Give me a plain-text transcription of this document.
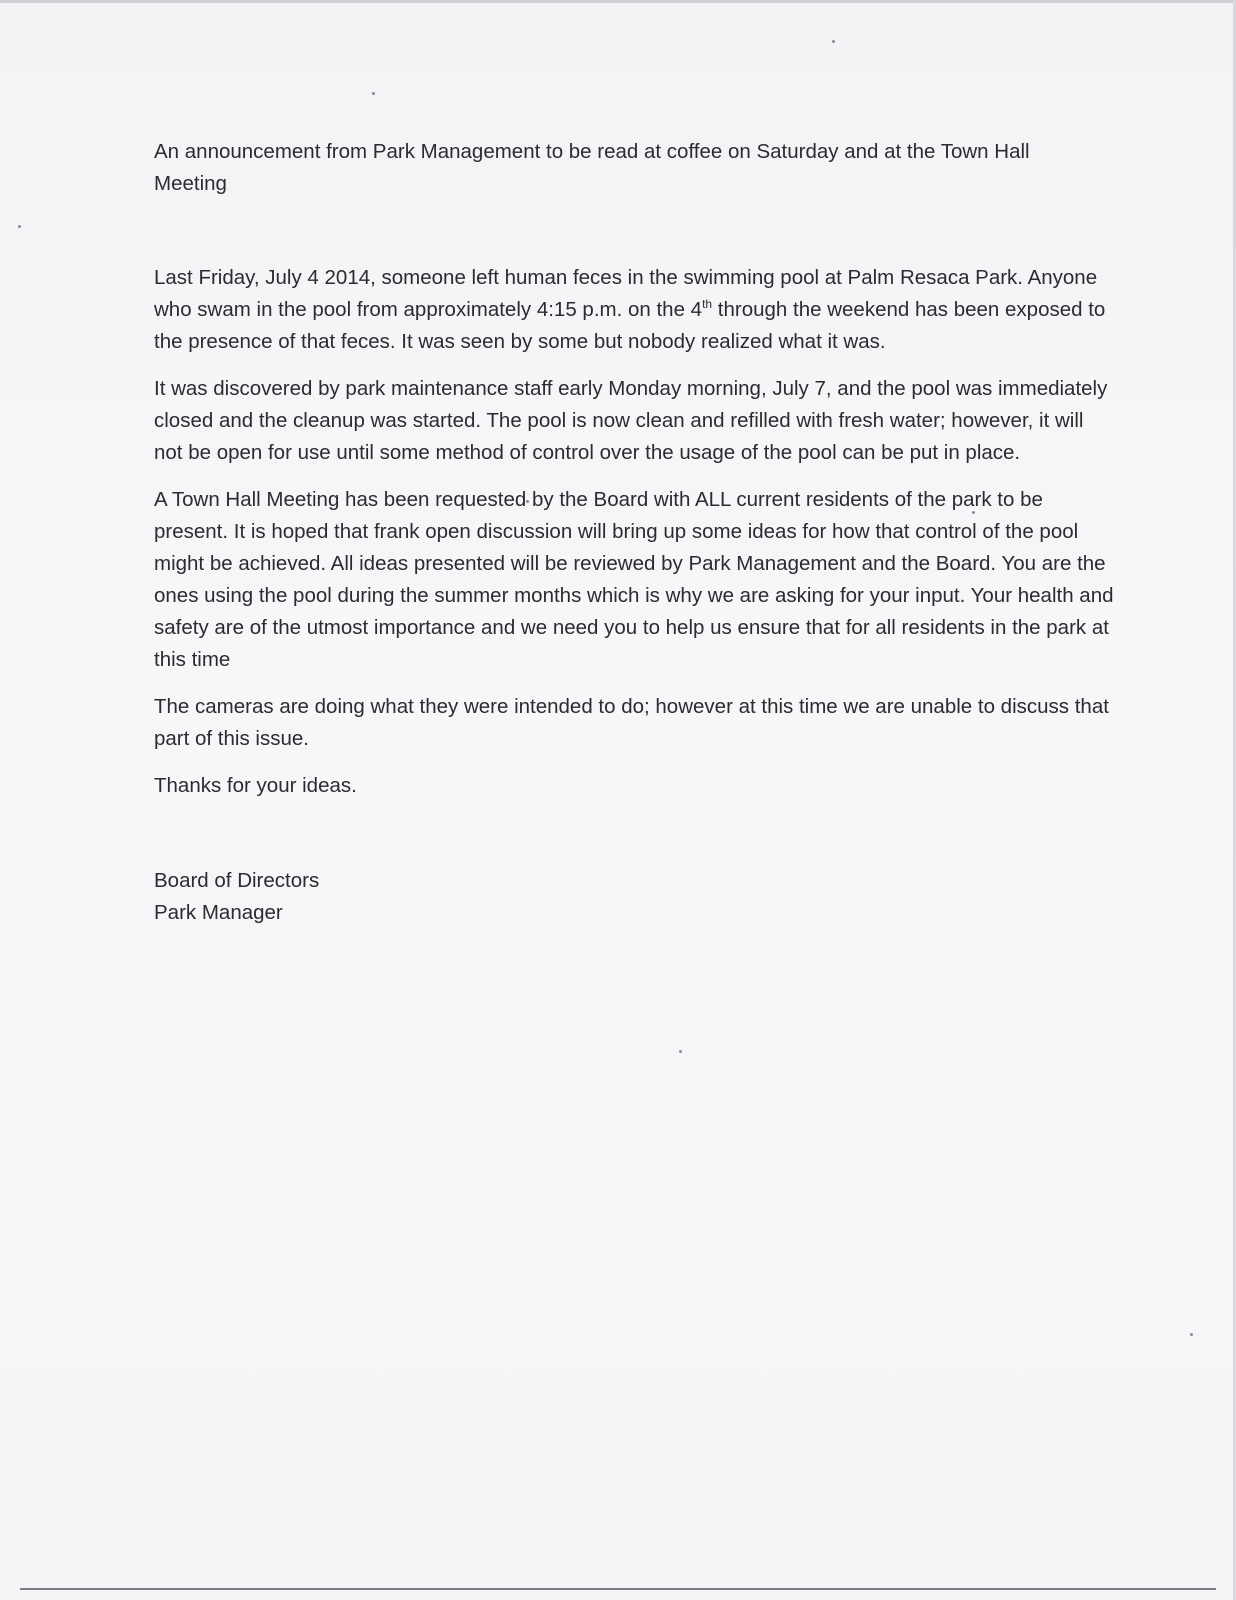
An announcement from Park Management to be read at coffee on Saturday and at the Town Hall Meeting

Last Friday, July 4 2014, someone left human feces in the swimming pool at Palm Resaca Park. Anyone who swam in the pool from approximately 4:15 p.m. on the 4th through the weekend has been exposed to the presence of that feces. It was seen by some but nobody realized what it was.

It was discovered by park maintenance staff early Monday morning, July 7, and the pool was immediately closed and the cleanup was started. The pool is now clean and refilled with fresh water; however, it will not be open for use until some method of control over the usage of the pool can be put in place.

A Town Hall Meeting has been requested by the Board with ALL current residents of the park to be present. It is hoped that frank open discussion will bring up some ideas for how that control of the pool might be achieved. All ideas presented will be reviewed by Park Management and the Board. You are the ones using the pool during the summer months which is why we are asking for your input. Your health and safety are of the utmost importance and we need you to help us ensure that for all residents in the park at this time

The cameras are doing what they were intended to do; however at this time we are unable to discuss that part of this issue.

Thanks for your ideas.

Board of Directors
Park Manager
